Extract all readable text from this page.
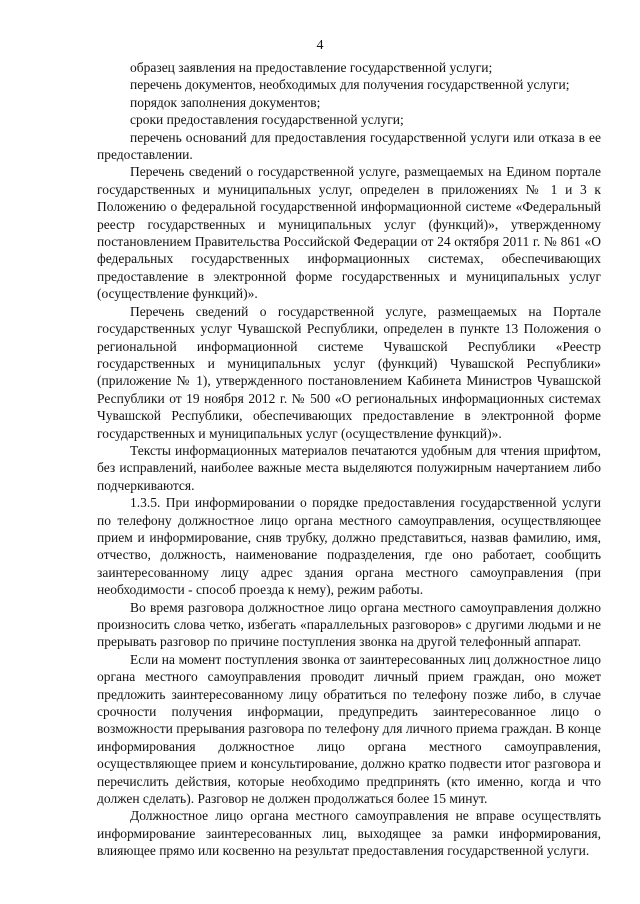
4

образец заявления на предоставление государственной услуги;

перечень документов, необходимых для получения государственной услуги;

порядок заполнения документов;

сроки предоставления государственной услуги;

перечень оснований для предоставления государственной услуги или отказа в ее предоставлении.

Перечень сведений о государственной услуге, размещаемых на Едином портале государственных и муниципальных услуг, определен в приложениях № 1 и 3 к Положению о федеральной государственной информационной системе «Федеральный реестр государственных и муниципальных услуг (функций)», утвержденному постановлением Правительства Российской Федерации от 24 октября 2011 г. № 861 «О федеральных государственных информационных системах, обеспечивающих предоставление в электронной форме государственных и муниципальных услуг (осуществление функций)».

Перечень сведений о государственной услуге, размещаемых на Портале государственных услуг Чувашской Республики, определен в пункте 13 Положения о региональной информационной системе Чувашской Республики «Реестр государственных и муниципальных услуг (функций) Чувашской Республики» (приложение № 1), утвержденного постановлением Кабинета Министров Чувашской Республики от 19 ноября 2012 г. № 500 «О региональных информационных системах Чувашской Республики, обеспечивающих предоставление в электронной форме государственных и муниципальных услуг (осуществление функций)».

Тексты информационных материалов печатаются удобным для чтения шрифтом, без исправлений, наиболее важные места выделяются полужирным начертанием либо подчеркиваются.

1.3.5. При информировании о порядке предоставления государственной услуги по телефону должностное лицо органа местного самоуправления, осуществляющее прием и информирование, сняв трубку, должно представиться, назвав фамилию, имя, отчество, должность, наименование подразделения, где оно работает, сообщить заинтересованному лицу адрес здания органа местного самоуправления (при необходимости - способ проезда к нему), режим работы.

Во время разговора должностное лицо органа местного самоуправления должно произносить слова четко, избегать «параллельных разговоров» с другими людьми и не прерывать разговор по причине поступления звонка на другой телефонный аппарат.

Если на момент поступления звонка от заинтересованных лиц должностное лицо органа местного самоуправления проводит личный прием граждан, оно может предложить заинтересованному лицу обратиться по телефону позже либо, в случае срочности получения информации, предупредить заинтересованное лицо о возможности прерывания разговора по телефону для личного приема граждан. В конце информирования должностное лицо органа местного самоуправления, осуществляющее прием и консультирование, должно кратко подвести итог разговора и перечислить действия, которые необходимо предпринять (кто именно, когда и что должен сделать). Разговор не должен продолжаться более 15 минут.

Должностное лицо органа местного самоуправления не вправе осуществлять информирование заинтересованных лиц, выходящее за рамки информирования, влияющее прямо или косвенно на результат предоставления государственной услуги.
